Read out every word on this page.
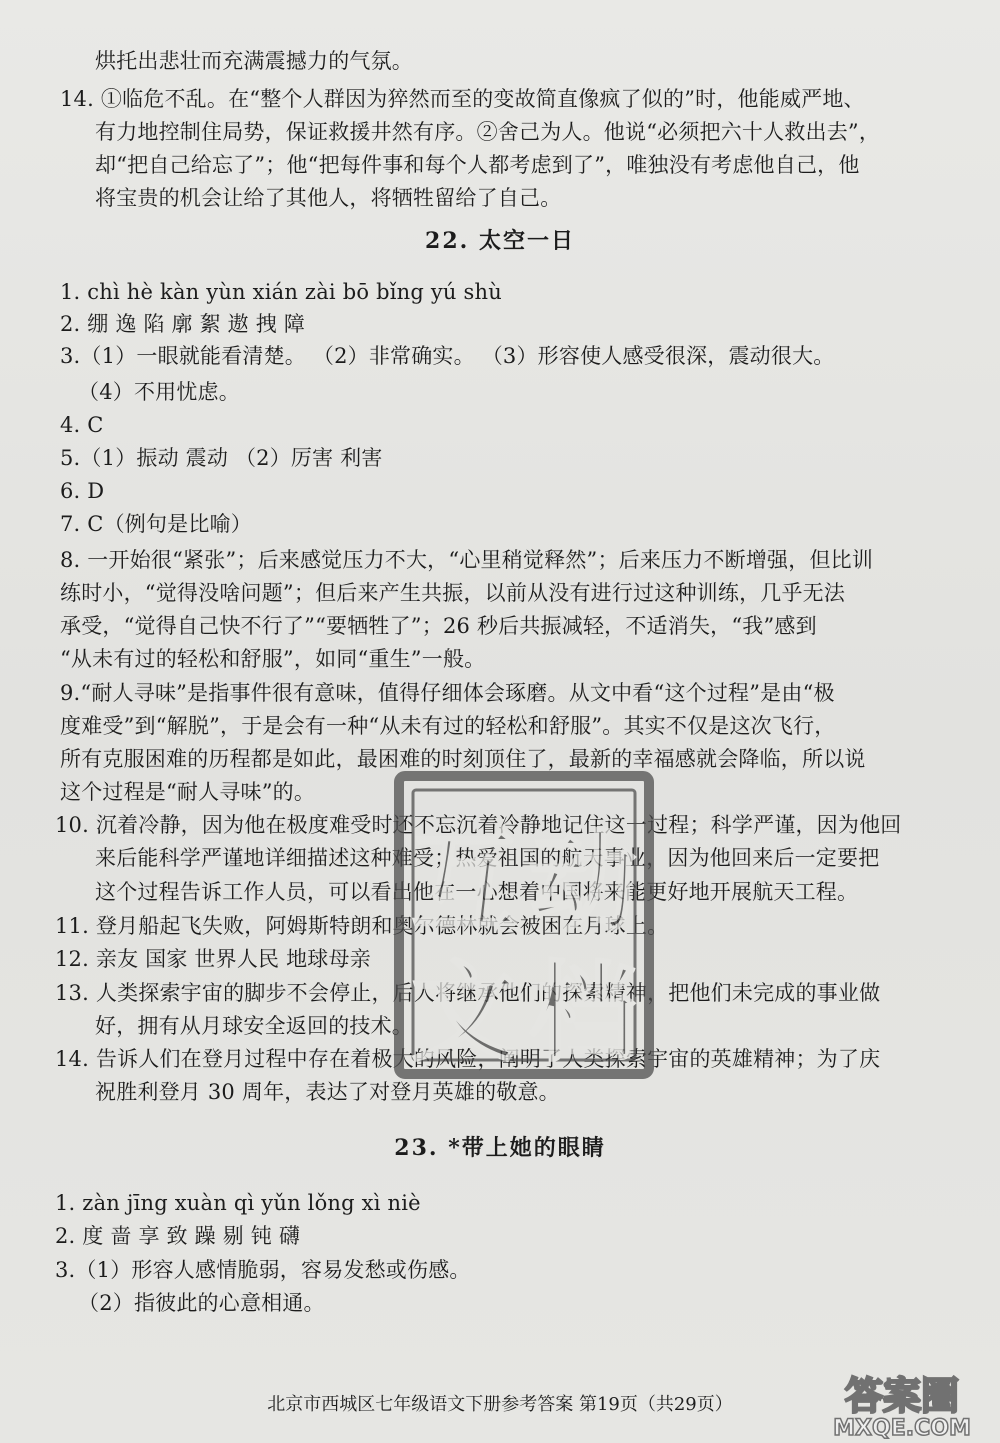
烘托出悲壮而充满震撼力的气氛。
14. ①临危不乱。在“整个人群因为猝然而至的变故简直像疯了似的”时，他能威严地、
有力地控制住局势，保证救援井然有序。②舍己为人。他说“必须把六十人救出去”，
却“把自己给忘了”；他“把每件事和每个人都考虑到了”，唯独没有考虑他自己，他
将宝贵的机会让给了其他人，将牺牲留给了自己。
1. chì hè kàn yùn xián zài bō bǐng yú shù
2. 绷 逸 陷 廓 絮 遨 拽 障
3.（1）一眼就能看清楚。 （2）非常确实。 （3）形容使人感受很深，震动很大。
（4）不用忧虑。
4. C
5.（1）振动 震动 （2）厉害 利害
6. D
7. C（例句是比喻）
8. 一开始很“紧张”；后来感觉压力不大，“心里稍觉释然”；后来压力不断增强，但比训
练时小，“觉得没啥问题”；但后来产生共振，以前从没有进行过这种训练，几乎无法
承受，“觉得自己快不行了”“要牺牲了”；26 秒后共振减轻，不适消失，“我”感到
“从未有过的轻松和舒服”，如同“重生”一般。
9.“耐人寻味”是指事件很有意味，值得仔细体会琢磨。从文中看“这个过程”是由“极
度难受”到“解脱”，于是会有一种“从未有过的轻松和舒服”。其实不仅是这次飞行，
所有克服困难的历程都是如此，最困难的时刻顶住了，最新的幸福感就会降临，所以说
这个过程是“耐人寻味”的。
10. 沉着冷静，因为他在极度难受时还不忘沉着冷静地记住这一过程；科学严谨，因为他回
来后能科学严谨地详细描述这种难受；热爱祖国的航天事业，因为他回来后一定要把
这个过程告诉工作人员，可以看出他在一心想着中国将来能更好地开展航天工程。
11. 登月船起飞失败，阿姆斯特朗和奥尔德林就会被困在月球上。
12. 亲友 国家 世界人民 地球母亲
13. 人类探索宇宙的脚步不会停止，后人将继承他们的探索精神，把他们未完成的事业做
好，拥有从月球安全返回的技术。
14. 告诉人们在登月过程中存在着极大的风险，阐明了人类探索宇宙的英雄精神；为了庆
祝胜利登月 30 周年，表达了对登月英雄的敬意。
1. zàn jīng xuàn qì yǔn lǒng xì niè
2. 度 啬 享 致 躁 剔 钝 礴
3.（1）形容人感情脆弱，容易发愁或伤感。
（2）指彼此的心意相通。
22. 太空一日
23. *带上她的眼睛
北京市西城区七年级语文下册参考答案 第19页（共29页）
互 动
文 档
答案圈
MXQE.COM
